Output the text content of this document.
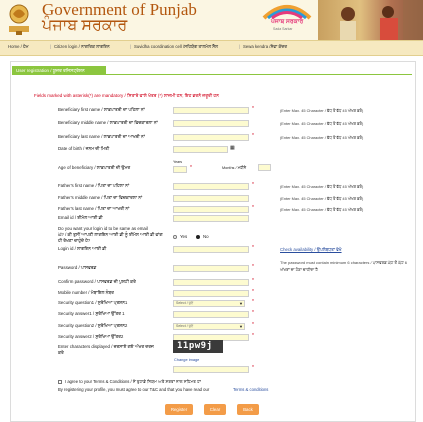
Government of Punjab
ਪੰਜਾਬ ਸਰਕਾਰ	ਪੰਜਾਬ ਸਰਕਾਰ
Sada Sarkar
Home / ਹੋਮ	| Citizen login / ਨਾਗਰਿਕ ਲਾਗਇਨ	| Suvidha coordination cell /ਸਹਿਯੋਗ ਤਾਲਮੇਲ ਸੈੱਲ	| Sewa kendra /ਸੇਵਾ ਕੇਂਦਰ
User registration / ਯੂਜ਼ਰ ਰਜਿਸਟ੍ਰੇਸ਼ਨ
Fields marked with asterisk(*) are mandatory / ਸਿਤਾਰੇ ਵਾਲੇ ਖੇਤਰ (*) ਲਾਜ਼ਮੀ ਹਨ, ਇਹ ਭਰਨੇ ਜ਼ਰੂਰੀ ਹਨ
Beneficiary first name / ਲਾਭਪਾਤਰੀ ਦਾ ਪਹਿਲਾ ਨਾਂ	*	(Enter Max. 45 Character / ਵੱਧ ਤੋਂ ਵੱਧ 45 ਅੱਖਰ ਭਰੋ)
Beneficiary middle name / ਲਾਭਪਾਤਰੀ ਦਾ ਵਿਚਕਾਰਲਾ ਨਾਂ	(Enter Max. 45 Character / ਵੱਧ ਤੋਂ ਵੱਧ 45 ਅੱਖਰ ਭਰੋ)
Beneficiary last name / ਲਾਭਪਾਤਰੀ ਦਾ ਆਖਰੀ ਨਾਂ	*	(Enter Max. 45 Character / ਵੱਧ ਤੋਂ ਵੱਧ 45 ਅੱਖਰ ਭਰੋ)
Date of birth / ਜਨਮ ਦੀ ਮਿਤੀ	▦
Age of beneficiary / ਲਾਭਪਾਤਰੀ ਦੀ ਉਮਰ
Years
*	Months / ਮਹੀਨੇ
Father's first name / ਪਿਤਾ ਦਾ ਪਹਿਲਾ ਨਾਂ	*	(Enter Max. 45 Character / ਵੱਧ ਤੋਂ ਵੱਧ 45 ਅੱਖਰ ਭਰੋ)
Father's middle name / ਪਿਤਾ ਦਾ ਵਿਚਕਾਰਲਾ ਨਾਂ	(Enter Max. 45 Character / ਵੱਧ ਤੋਂ ਵੱਧ 45 ਅੱਖਰ ਭਰੋ)
Father's last name / ਪਿਤਾ ਦਾ ਆਖਰੀ ਨਾਂ	*	(Enter Max. 45 Character / ਵੱਧ ਤੋਂ ਵੱਧ 45 ਅੱਖਰ ਭਰੋ)
Email id / ਈਮੇਲ ਆਈ ਡੀ
Do you want your login id to be same as email
id? / ਕੀ ਤੁਸੀਂ ਆਪਣੀ ਲਾਗਇਨ ਆਈ ਡੀ ਨੂੰ ਈਮੇਲ ਆਈ ਡੀ ਵਾਂਗ
ਹੀ ਰੱਖਣਾ ਚਾਹੁੰਦੇ ਹੋ?
Yes	No
Login id / ਲਾਗਇਨ ਆਈ ਡੀ	*	Check availability / ਉਪਲੱਬਧਤਾ ਵੇਖੋ
The password must contain minimum 6 characters / ਪਾਸਵਰਡ ਘੱਟ ਤੋਂ ਘੱਟ 6 ਅੱਖਰਾਂ ਦਾ ਹੋਣਾ ਚਾਹੀਦਾ ਹੈ
Password / ਪਾਸਵਰਡ	*
Confirm password / ਪਾਸਵਰਡ ਦੀ ਪੁਸ਼ਟੀ ਕਰੋ	*
Mobile number / ਮੋਬਾਇਲ ਨੰਬਰ	*
Security question1 / ਸੁਰੱਖਿਆ ਪ੍ਰਸ਼ਨ1	Select / ਚੁਣੋ	▼ *
Security answer1 / ਸੁਰੱਖਿਆ ਉੱਤਰ 1	*
Security question2 / ਸੁਰੱਖਿਆ ਪ੍ਰਸ਼ਨ2	Select / ਚੁਣੋ	▼ *
Security answer2 / ਸੁਰੱਖਿਆ ਉੱਤਰ2	*
Enter characters displayed / ਦਰਸਾਏ ਗਏ ਅੱਖਰ ਦਰਜ
ਕਰੋ
11pw9j
Change image
*
I agree to your Terms & Conditions / ਮੈਂ ਤੁਹਾਡੇ ਨਿਯਮ ਅਤੇ ਸ਼ਰਤਾਂ ਨਾਲ ਸਹਿਮਤ ਹਾਂ
By registering your profile, you must agree to our T&C and that you have read our	Terms & conditions
Register	Clear	Back
